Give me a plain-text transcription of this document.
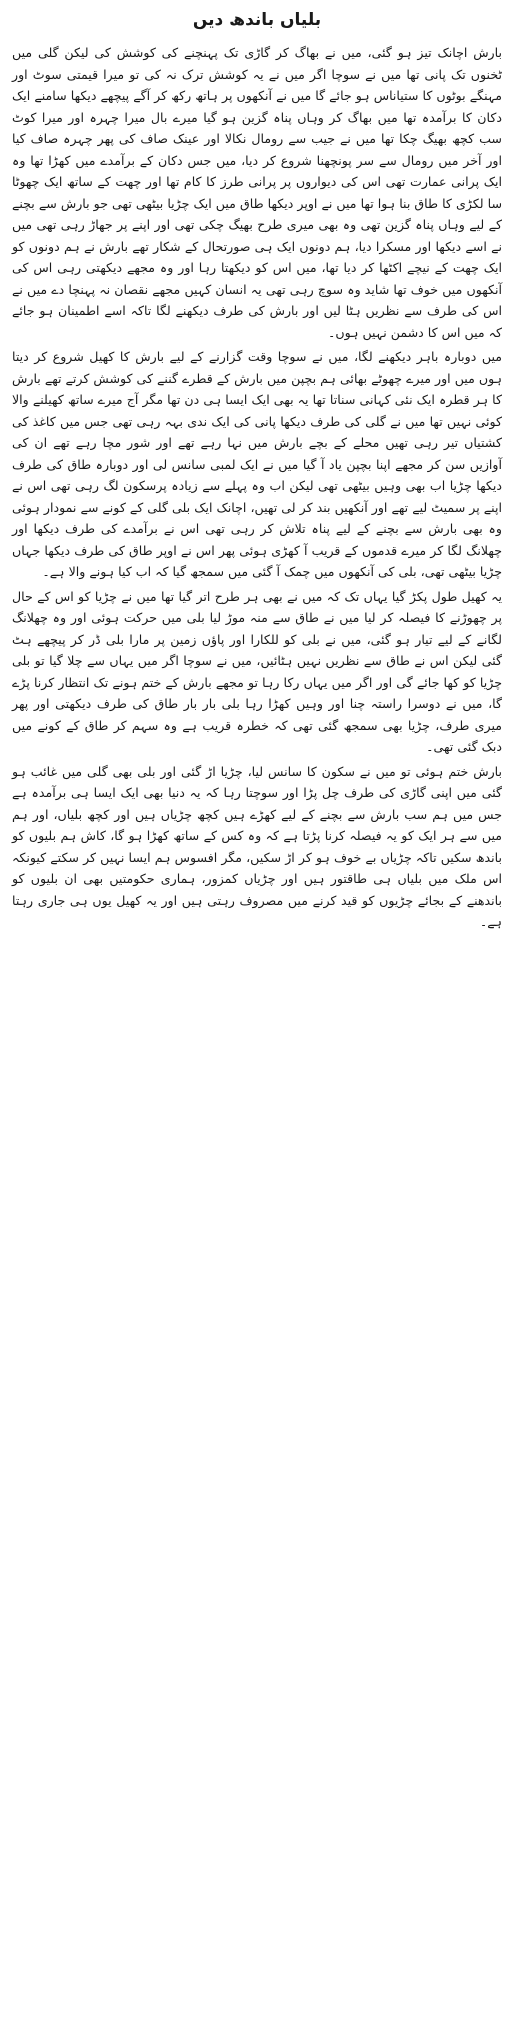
بلیاں باندھ دیں

بارش اچانک تیز ہو گئی، میں نے بھاگ کر گاڑی تک پہنچنے کی کوشش کی لیکن گلی میں ٹخنوں تک پانی تھا میں نے سوچا اگر میں نے یہ کوشش ترک نہ کی تو میرا قیمتی سوٹ اور مہنگے بوٹوں کا ستیاناس ہو جائے گا میں نے آنکھوں پر ہاتھ رکھ کر آگے پیچھے دیکھا سامنے ایک دکان کا برآمدہ تھا میں بھاگ کر وہاں پناہ گزین ہو گیا میرے بال میرا چہرہ اور میرا کوٹ سب کچھ بھیگ چکا تھا میں نے جیب سے رومال نکالا اور عینک صاف کی پھر چہرہ صاف کیا اور آخر میں رومال سے سر پونچھنا شروع کر دیا، میں جس دکان کے برآمدے میں کھڑا تھا وہ ایک پرانی عمارت تھی اس کی دیواروں پر پرانی طرز کا کام تھا اور چھت کے ساتھ ایک چھوٹا سا لکڑی کا طاق بنا ہوا تھا میں نے اوپر دیکھا طاق میں ایک چڑیا بیٹھی تھی جو بارش سے بچنے کے لیے وہاں پناہ گزین تھی وہ بھی میری طرح بھیگ چکی تھی اور اپنے پر جھاڑ رہی تھی میں نے اسے دیکھا اور مسکرا دیا، ہم دونوں ایک ہی صورتحال کے شکار تھے بارش نے ہم دونوں کو ایک چھت کے نیچے اکٹھا کر دیا تھا، میں اس کو دیکھتا رہا اور وہ مجھے دیکھتی رہی اس کی آنکھوں میں خوف تھا شاید وہ سوچ رہی تھی یہ انسان کہیں مجھے نقصان نہ پہنچا دے میں نے اس کی طرف سے نظریں ہٹا لیں اور بارش کی طرف دیکھنے لگا تاکہ اسے اطمینان ہو جائے کہ میں اس کا دشمن نہیں ہوں۔

میں دوبارہ باہر دیکھنے لگا، میں نے سوچا وقت گزارنے کے لیے بارش کا کھیل شروع کر دیتا ہوں میں اور میرے چھوٹے بھائی ہم بچپن میں بارش کے قطرے گننے کی کوشش کرتے تھے بارش کا ہر قطرہ ایک نئی کہانی سناتا تھا یہ بھی ایک ایسا ہی دن تھا مگر آج میرے ساتھ کھیلنے والا کوئی نہیں تھا میں نے گلی کی طرف دیکھا پانی کی ایک ندی بہہ رہی تھی جس میں کاغذ کی کشتیاں تیر رہی تھیں محلے کے بچے بارش میں نہا رہے تھے اور شور مچا رہے تھے ان کی آوازیں سن کر مجھے اپنا بچپن یاد آ گیا میں نے ایک لمبی سانس لی اور دوبارہ طاق کی طرف دیکھا چڑیا اب بھی وہیں بیٹھی تھی لیکن اب وہ پہلے سے زیادہ پرسکون لگ رہی تھی اس نے اپنے پر سمیٹ لیے تھے اور آنکھیں بند کر لی تھیں، اچانک ایک بلی گلی کے کونے سے نمودار ہوئی وہ بھی بارش سے بچنے کے لیے پناہ تلاش کر رہی تھی اس نے برآمدے کی طرف دیکھا اور چھلانگ لگا کر میرے قدموں کے قریب آ کھڑی ہوئی پھر اس نے اوپر طاق کی طرف دیکھا جہاں چڑیا بیٹھی تھی، بلی کی آنکھوں میں چمک آ گئی میں سمجھ گیا کہ اب کیا ہونے والا ہے۔

یہ کھیل طول پکڑ گیا یہاں تک کہ میں نے بھی ہر طرح اتر گیا تھا میں نے چڑیا کو اس کے حال پر چھوڑنے کا فیصلہ کر لیا میں نے طاق سے منہ موڑ لیا بلی میں حرکت ہوئی اور وہ چھلانگ لگانے کے لیے تیار ہو گئی، میں نے بلی کو للکارا اور پاؤں زمین پر مارا بلی ڈر کر پیچھے ہٹ گئی لیکن اس نے طاق سے نظریں نہیں ہٹائیں، میں نے سوچا اگر میں یہاں سے چلا گیا تو بلی چڑیا کو کھا جائے گی اور اگر میں یہاں رکا رہا تو مجھے بارش کے ختم ہونے تک انتظار کرنا پڑے گا، میں نے دوسرا راستہ چنا اور وہیں کھڑا رہا بلی بار بار طاق کی طرف دیکھتی اور پھر میری طرف، چڑیا بھی سمجھ گئی تھی کہ خطرہ قریب ہے وہ سہم کر طاق کے کونے میں دبک گئی تھی۔

بارش ختم ہوئی تو میں نے سکون کا سانس لیا، چڑیا اڑ گئی اور بلی بھی گلی میں غائب ہو گئی میں اپنی گاڑی کی طرف چل پڑا اور سوچتا رہا کہ یہ دنیا بھی ایک ایسا ہی برآمدہ ہے جس میں ہم سب بارش سے بچنے کے لیے کھڑے ہیں کچھ چڑیاں ہیں اور کچھ بلیاں، اور ہم میں سے ہر ایک کو یہ فیصلہ کرنا پڑتا ہے کہ وہ کس کے ساتھ کھڑا ہو گا، کاش ہم بلیوں کو باندھ سکیں تاکہ چڑیاں بے خوف ہو کر اڑ سکیں، مگر افسوس ہم ایسا نہیں کر سکتے کیونکہ اس ملک میں بلیاں ہی طاقتور ہیں اور چڑیاں کمزور، ہماری حکومتیں بھی ان بلیوں کو باندھنے کے بجائے چڑیوں کو قید کرنے میں مصروف رہتی ہیں اور یہ کھیل یوں ہی جاری رہتا ہے۔
